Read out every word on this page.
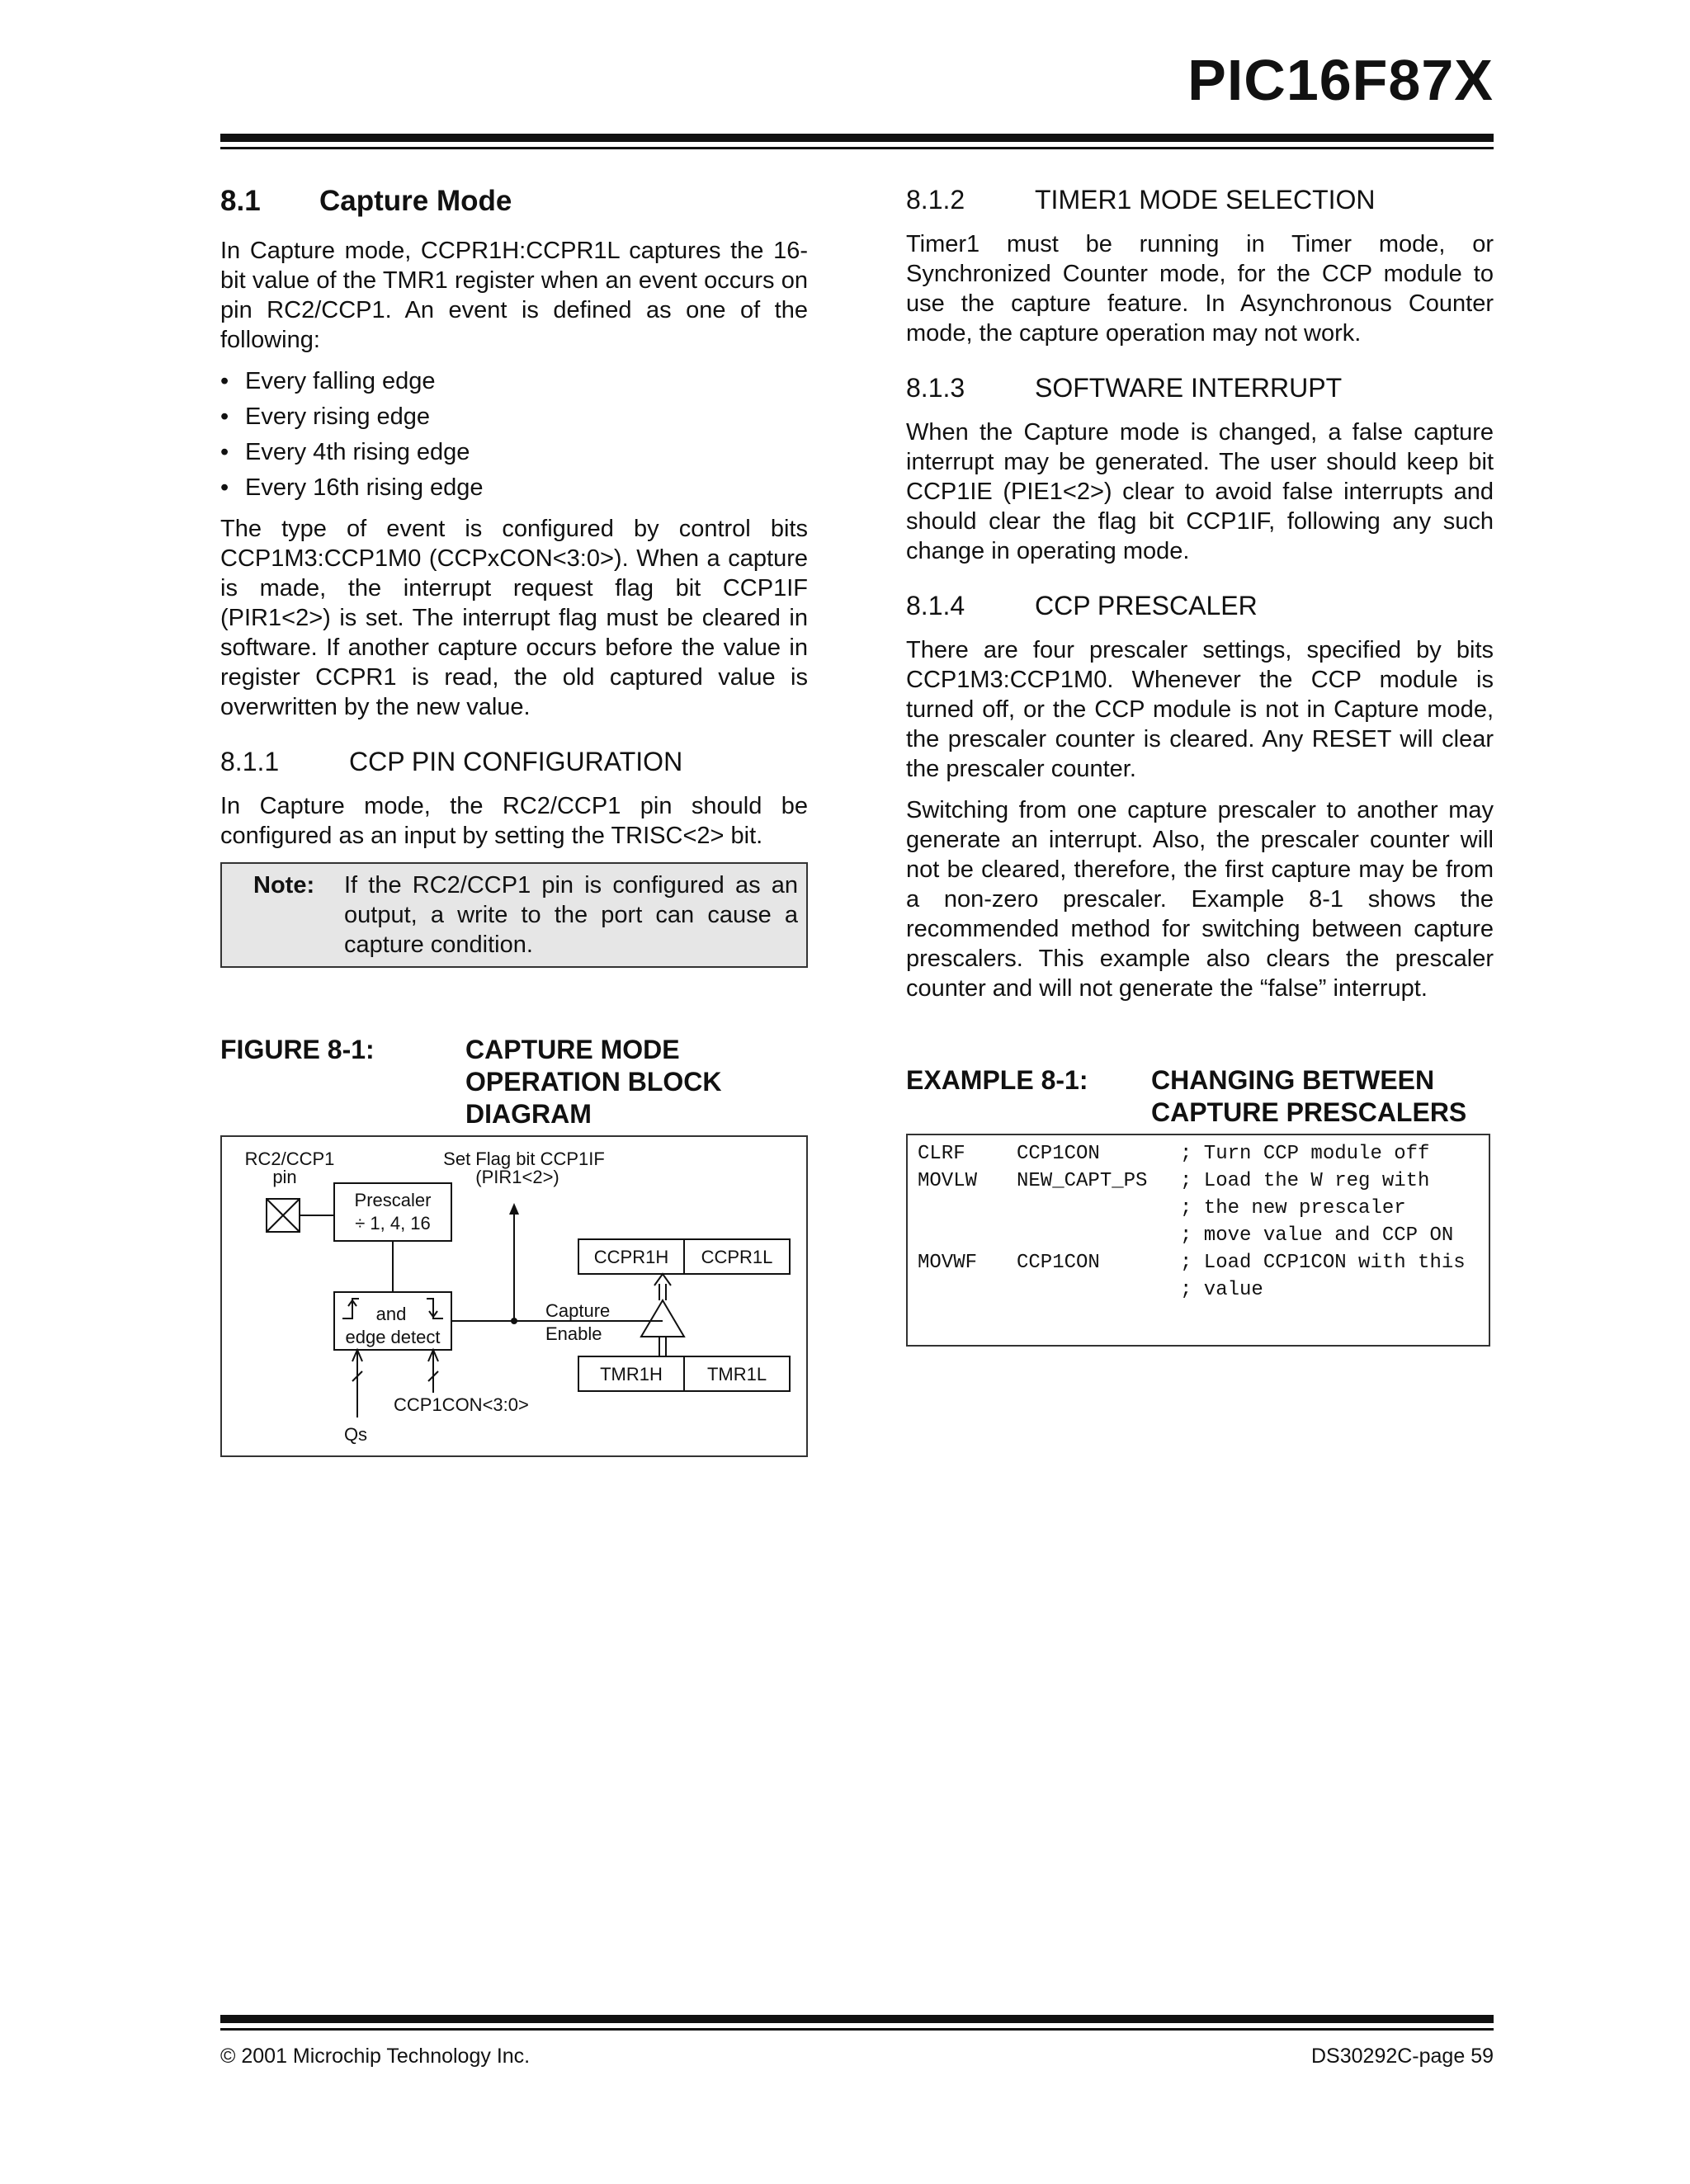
PIC16F87X
8.1 Capture Mode

In Capture mode, CCPR1H:CCPR1L captures the 16-bit value of the TMR1 register when an event occurs on pin RC2/CCP1. An event is defined as one of the following:

• Every falling edge
• Every rising edge
• Every 4th rising edge
• Every 16th rising edge

The type of event is configured by control bits CCP1M3:CCP1M0 (CCPxCON<3:0>). When a capture is made, the interrupt request flag bit CCP1IF (PIR1<2>) is set. The interrupt flag must be cleared in software. If another capture occurs before the value in register CCPR1 is read, the old captured value is overwritten by the new value.

8.1.1	CCP PIN CONFIGURATION

In Capture mode, the RC2/CCP1 pin should be configured as an input by setting the TRISC<2> bit.

Note:	If the RC2/CCP1 pin is configured as an output, a write to the port can cause a capture condition.
FIGURE 8-1:	CAPTURE MODE OPERATION BLOCK DIAGRAM
RC2/CCP1
pin
Prescaler
÷ 1, 4, 16
Set Flag bit CCP1IF
(PIR1<2>)
and
edge detect
Capture
Enable
CCPR1H CCPR1L
TMR1H TMR1L
Qs
CCP1CON<3:0>
8.1.2	TIMER1 MODE SELECTION

Timer1 must be running in Timer mode, or Synchronized Counter mode, for the CCP module to use the capture feature. In Asynchronous Counter mode, the capture operation may not work.

8.1.3	SOFTWARE INTERRUPT

When the Capture mode is changed, a false capture interrupt may be generated. The user should keep bit CCP1IE (PIE1<2>) clear to avoid false interrupts and should clear the flag bit CCP1IF, following any such change in operating mode.

8.1.4	CCP PRESCALER

There are four prescaler settings, specified by bits CCP1M3:CCP1M0. Whenever the CCP module is turned off, or the CCP module is not in Capture mode, the prescaler counter is cleared. Any RESET will clear the prescaler counter.

Switching from one capture prescaler to another may generate an interrupt. Also, the prescaler counter will not be cleared, therefore, the first capture may be from a non-zero prescaler. Example 8-1 shows the recommended method for switching between capture prescalers. This example also clears the prescaler counter and will not generate the “false” interrupt.

EXAMPLE 8-1:	CHANGING BETWEEN CAPTURE PRESCALERS
CLRF	CCP1CON	; Turn CCP module off
MOVLW	NEW_CAPT_PS	; Load the W reg with
; the new prescaler
; move value and CCP ON
MOVWF	CCP1CON	; Load CCP1CON with this
; value
© 2001 Microchip Technology Inc.	DS30292C-page 59
